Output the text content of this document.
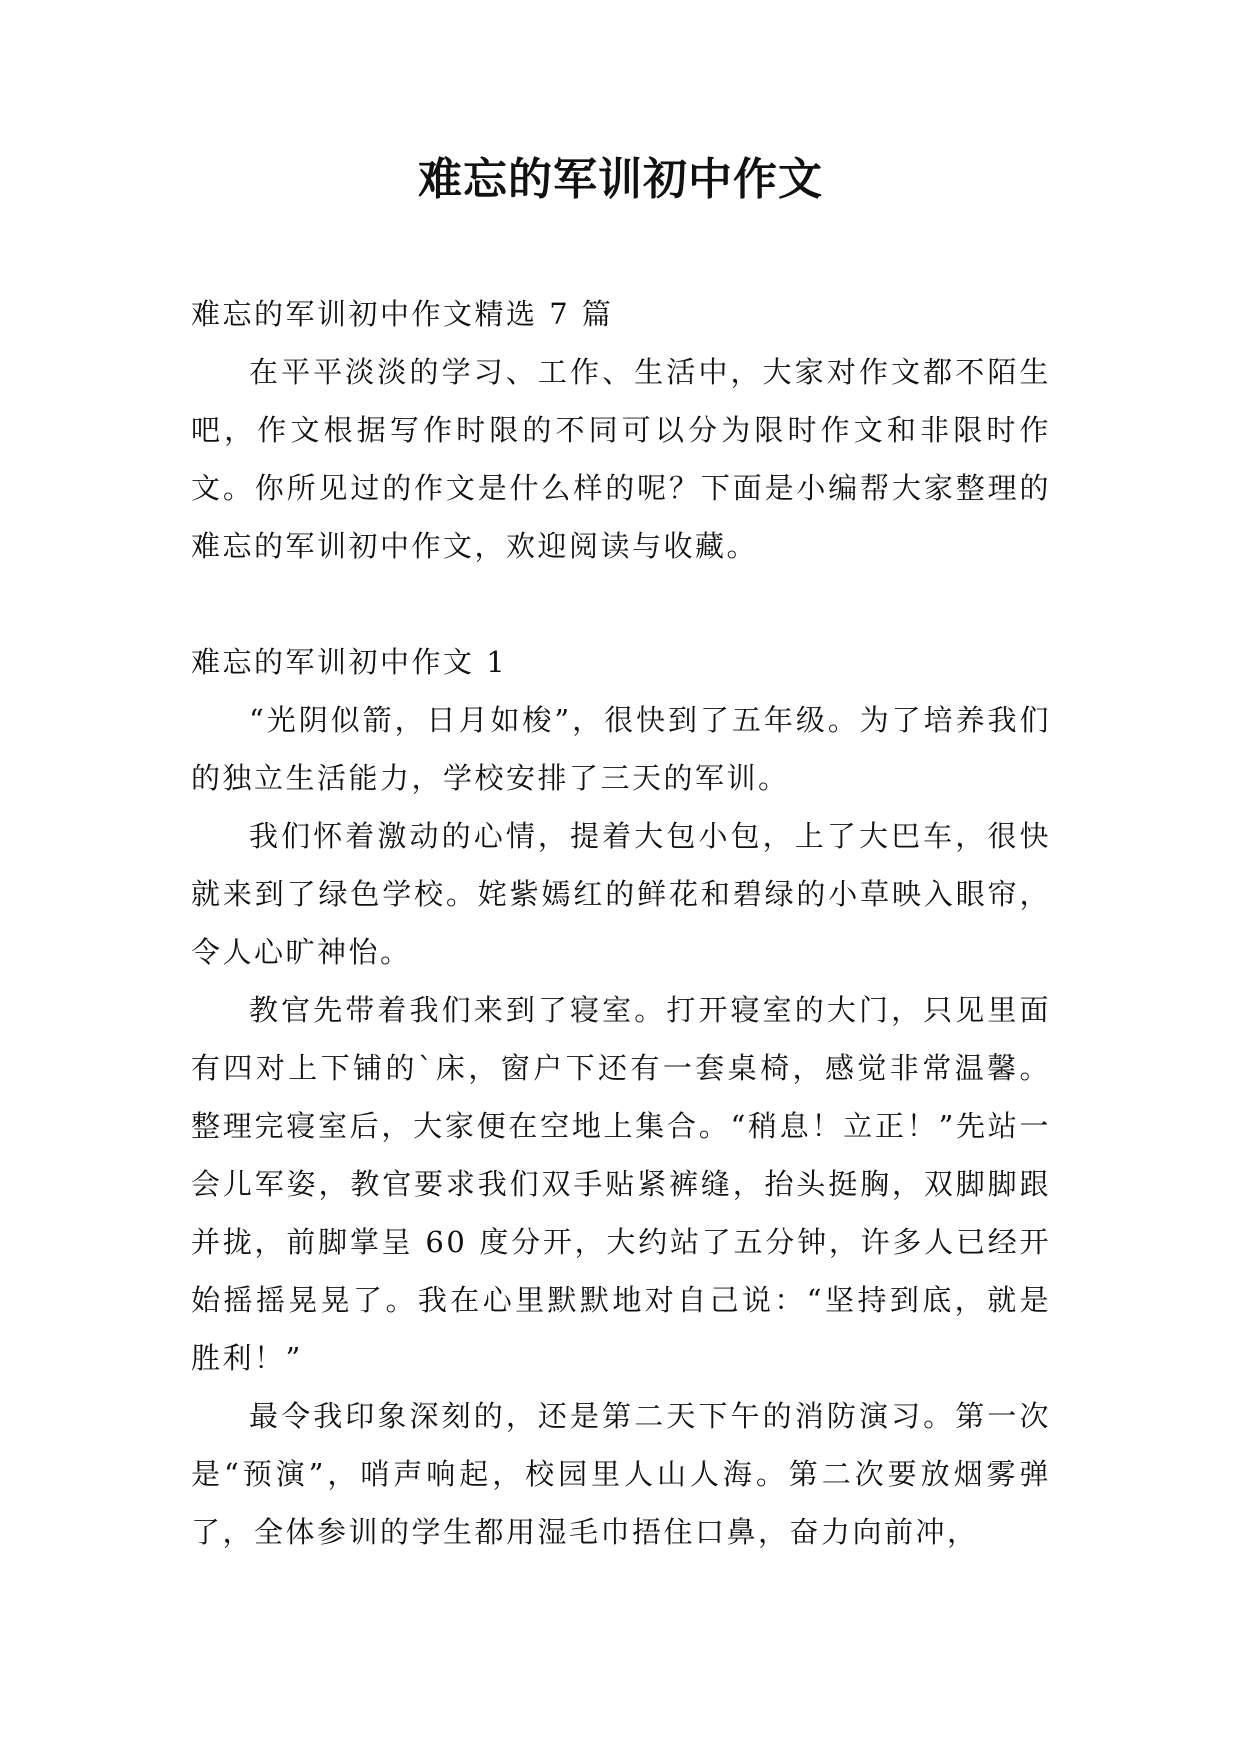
难忘的军训初中作文

难忘的军训初中作文精选 7 篇

在平平淡淡的学习、工作、生活中，大家对作文都不陌生吧，作文根据写作时限的不同可以分为限时作文和非限时作文。你所见过的作文是什么样的呢？下面是小编帮大家整理的难忘的军训初中作文，欢迎阅读与收藏。

难忘的军训初中作文 1

“光阴似箭，日月如梭”，很快到了五年级。为了培养我们的独立生活能力，学校安排了三天的军训。

我们怀着激动的心情，提着大包小包，上了大巴车，很快就来到了绿色学校。姹紫嫣红的鲜花和碧绿的小草映入眼帘，令人心旷神怡。

教官先带着我们来到了寝室。打开寝室的大门，只见里面有四对上下铺的`床，窗户下还有一套桌椅，感觉非常温馨。整理完寝室后，大家便在空地上集合。“稍息！立正！”先站一会儿军姿，教官要求我们双手贴紧裤缝，抬头挺胸，双脚脚跟并拢，前脚掌呈 60 度分开，大约站了五分钟，许多人已经开始摇摇晃晃了。我在心里默默地对自己说：“坚持到底，就是胜利！”

最令我印象深刻的，还是第二天下午的消防演习。第一次是“预演”，哨声响起，校园里人山人海。第二次要放烟雾弹了，全体参训的学生都用湿毛巾捂住口鼻，奋力向前冲，
